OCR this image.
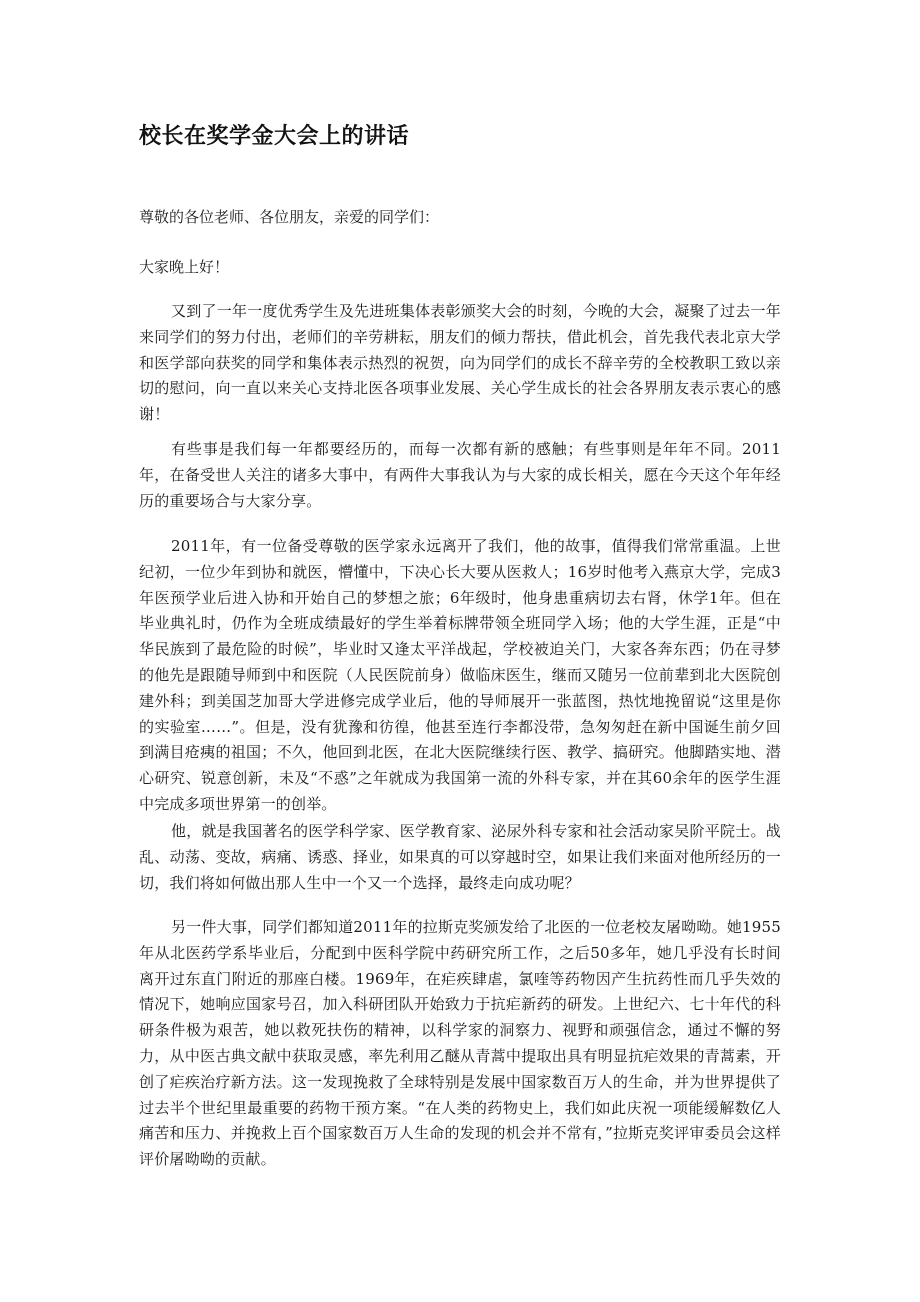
校长在奖学金大会上的讲话

尊敬的各位老师、各位朋友，亲爱的同学们：

大家晚上好！

又到了一年一度优秀学生及先进班集体表彰颁奖大会的时刻，今晚的大会，凝聚了过去一年来同学们的努力付出，老师们的辛劳耕耘，朋友们的倾力帮扶，借此机会，首先我代表北京大学和医学部向获奖的同学和集体表示热烈的祝贺，向为同学们的成长不辞辛劳的全校教职工致以亲切的慰问，向一直以来关心支持北医各项事业发展、关心学生成长的社会各界朋友表示衷心的感谢！

有些事是我们每一年都要经历的，而每一次都有新的感触；有些事则是年年不同。2011年，在备受世人关注的诸多大事中，有两件大事我认为与大家的成长相关，愿在今天这个年年经历的重要场合与大家分享。

2011年，有一位备受尊敬的医学家永远离开了我们，他的故事，值得我们常常重温。上世纪初，一位少年到协和就医，懵懂中，下决心长大要从医救人；16岁时他考入燕京大学，完成3年医预学业后进入协和开始自己的梦想之旅；6年级时，他身患重病切去右肾，休学1年。但在毕业典礼时，仍作为全班成绩最好的学生举着标牌带领全班同学入场；他的大学生涯，正是“中华民族到了最危险的时候”，毕业时又逢太平洋战起，学校被迫关门，大家各奔东西；仍在寻梦的他先是跟随导师到中和医院（人民医院前身）做临床医生，继而又随另一位前辈到北大医院创建外科；到美国芝加哥大学进修完成学业后，他的导师展开一张蓝图，热忱地挽留说“这里是你的实验室……”。但是，没有犹豫和彷徨，他甚至连行李都没带，急匆匆赶在新中国诞生前夕回到满目疮痍的祖国；不久，他回到北医，在北大医院继续行医、教学、搞研究。他脚踏实地、潜心研究、锐意创新，未及“不惑”之年就成为我国第一流的外科专家，并在其60余年的医学生涯中完成多项世界第一的创举。

他，就是我国著名的医学科学家、医学教育家、泌尿外科专家和社会活动家吴阶平院士。战乱、动荡、变故，病痛、诱惑、择业，如果真的可以穿越时空，如果让我们来面对他所经历的一切，我们将如何做出那人生中一个又一个选择，最终走向成功呢？

另一件大事，同学们都知道2011年的拉斯克奖颁发给了北医的一位老校友屠呦呦。她1955年从北医药学系毕业后，分配到中医科学院中药研究所工作，之后50多年，她几乎没有长时间离开过东直门附近的那座白楼。1969年，在疟疾肆虐，氯喹等药物因产生抗药性而几乎失效的情况下，她响应国家号召，加入科研团队开始致力于抗疟新药的研发。上世纪六、七十年代的科研条件极为艰苦，她以救死扶伤的精神，以科学家的洞察力、视野和顽强信念，通过不懈的努力，从中医古典文献中获取灵感，率先利用乙醚从青蒿中提取出具有明显抗疟效果的青蒿素，开创了疟疾治疗新方法。这一发现挽救了全球特别是发展中国家数百万人的生命，并为世界提供了过去半个世纪里最重要的药物干预方案。“在人类的药物史上，我们如此庆祝一项能缓解数亿人痛苦和压力、并挽救上百个国家数百万人生命的发现的机会并不常有，”拉斯克奖评审委员会这样评价屠呦呦的贡献。
